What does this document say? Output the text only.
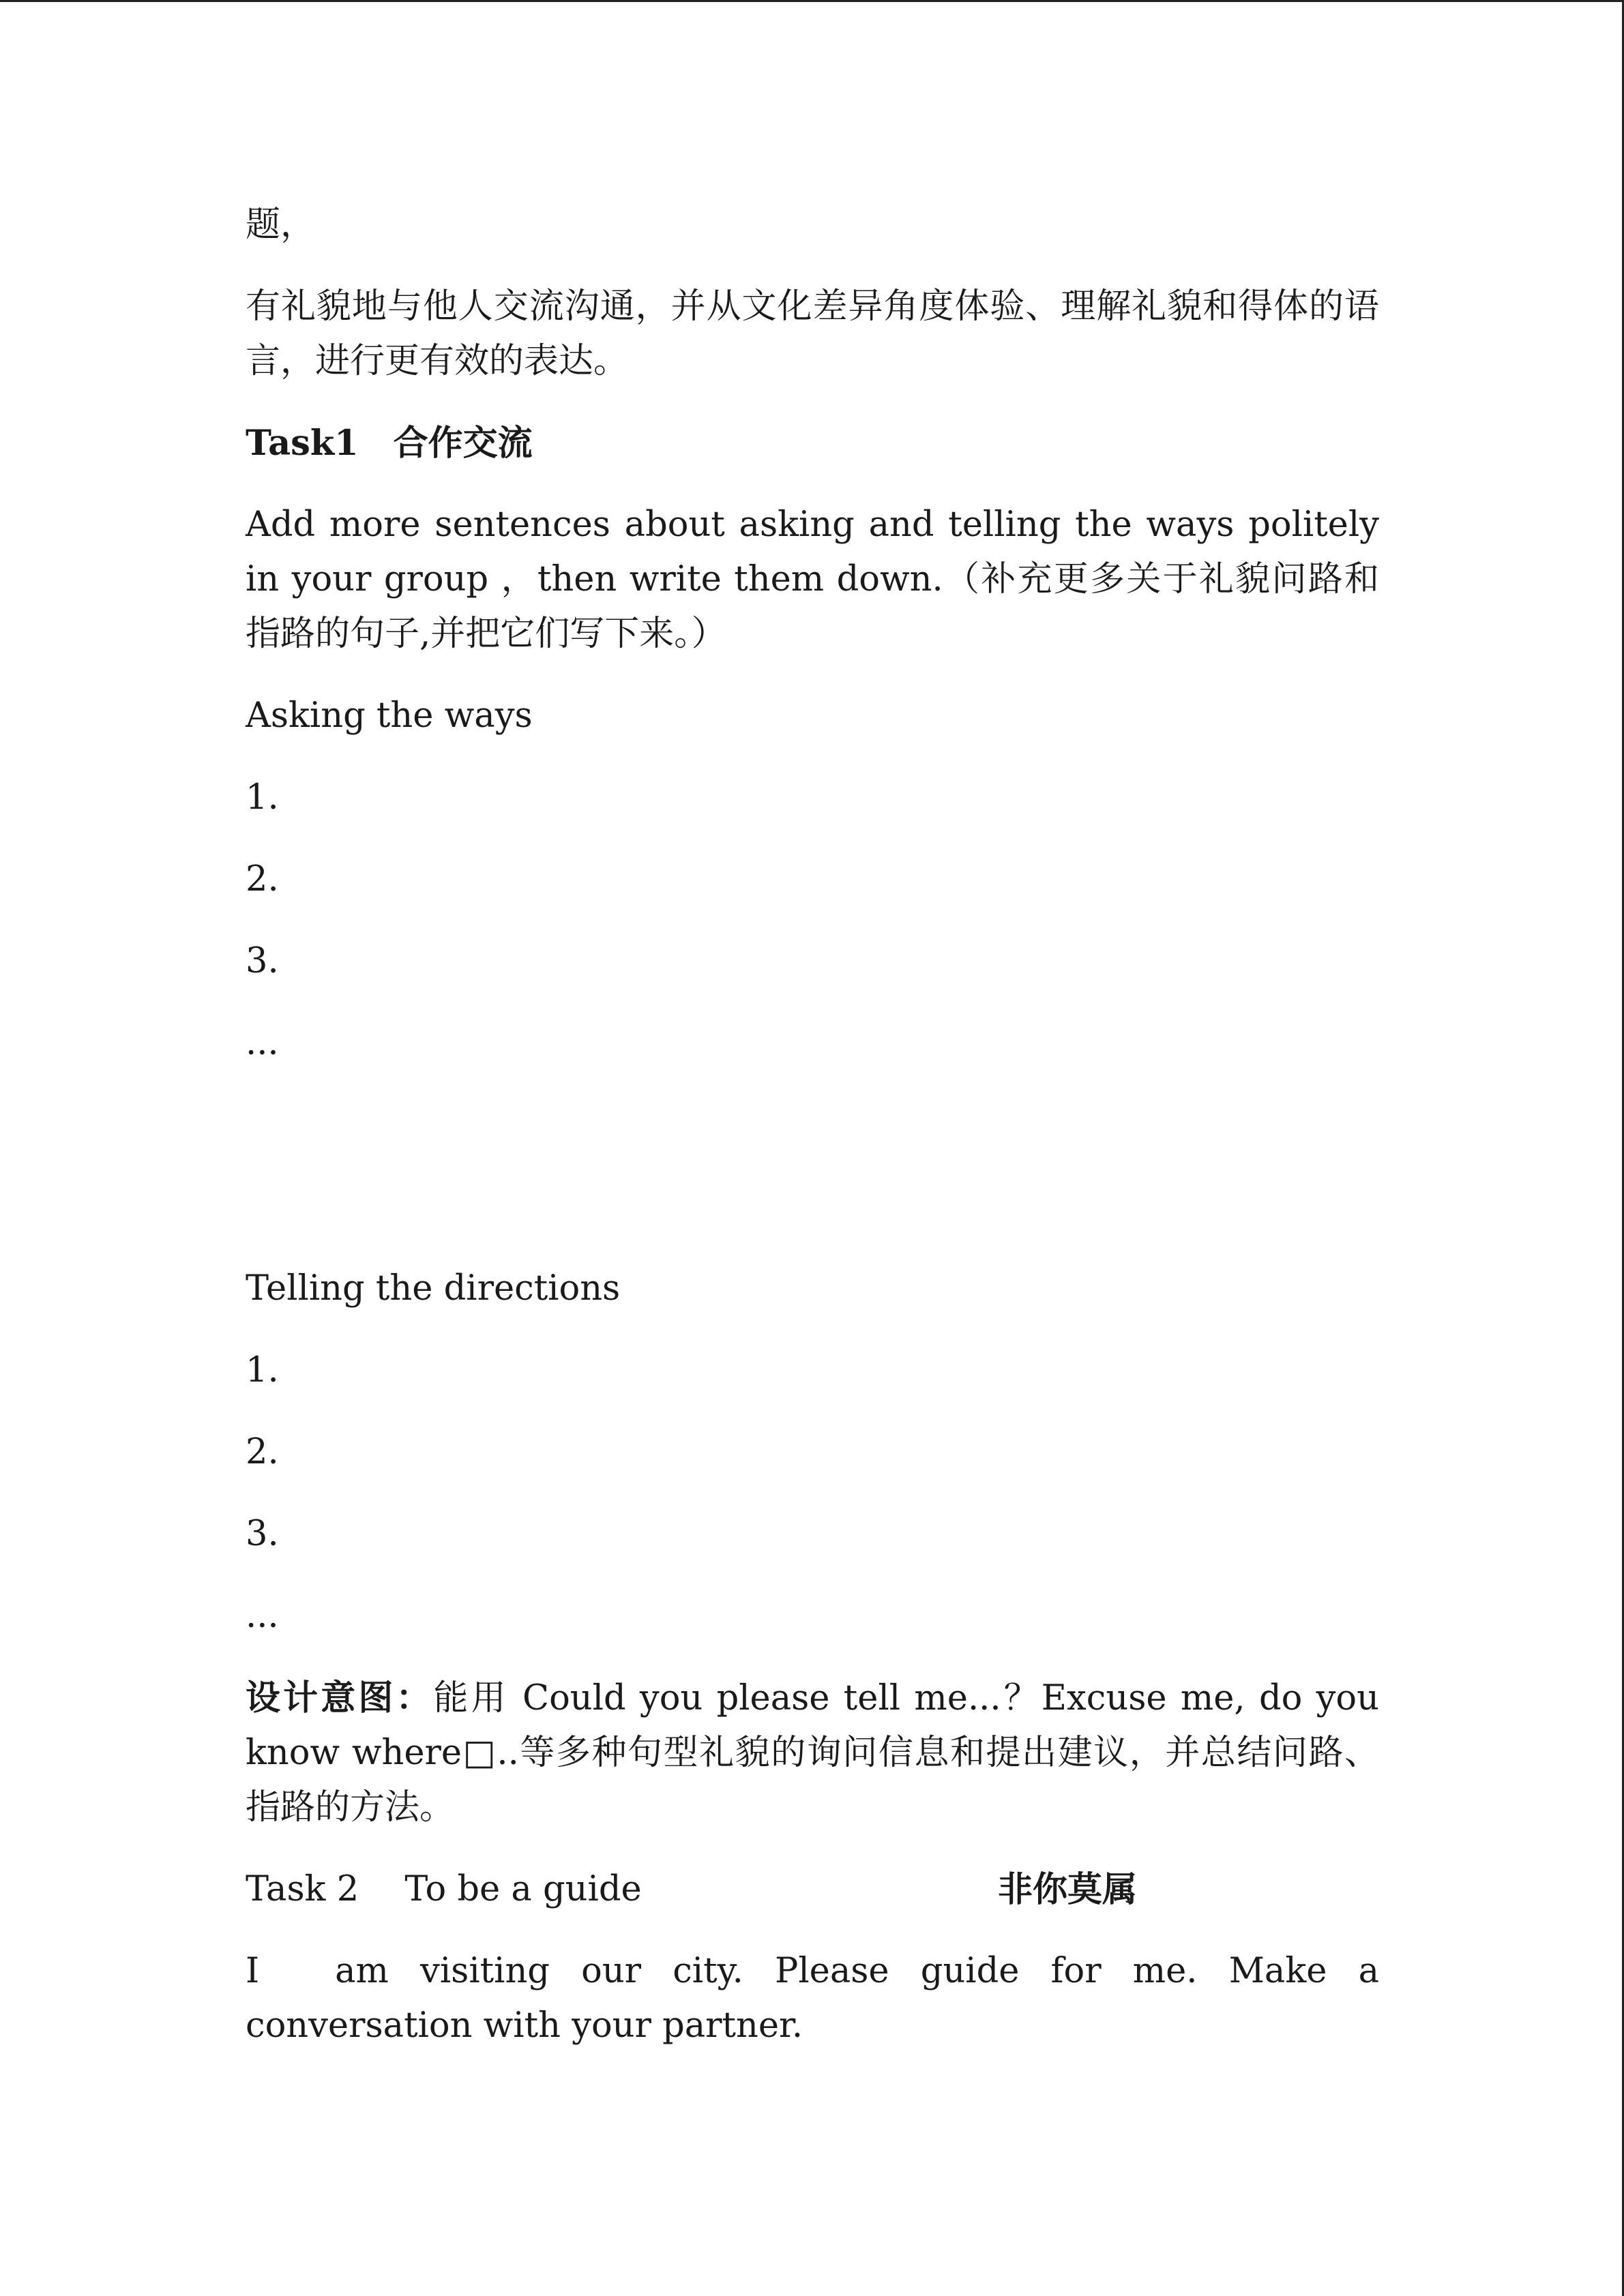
题，

有礼貌地与他人交流沟通，并从文化差异角度体验、理解礼貌和得体的语言，进行更有效的表达。

Task1　合作交流

Add more sentences about asking and telling the ways politely in your group ，then write them down.（补充更多关于礼貌问路和指路的句子,并把它们写下来。）

Asking the ways

1.

2.

3.

...

Telling the directions

1.

2.

3.

...

设计意图：能用 Could you please tell me...？Excuse me, do you know where□..等多种句型礼貌的询问信息和提出建议，并总结问路、指路的方法。

Task 2　 To be a guide	非你莫属

I　am visiting our city. Please guide for me. Make a conversation with your partner.
